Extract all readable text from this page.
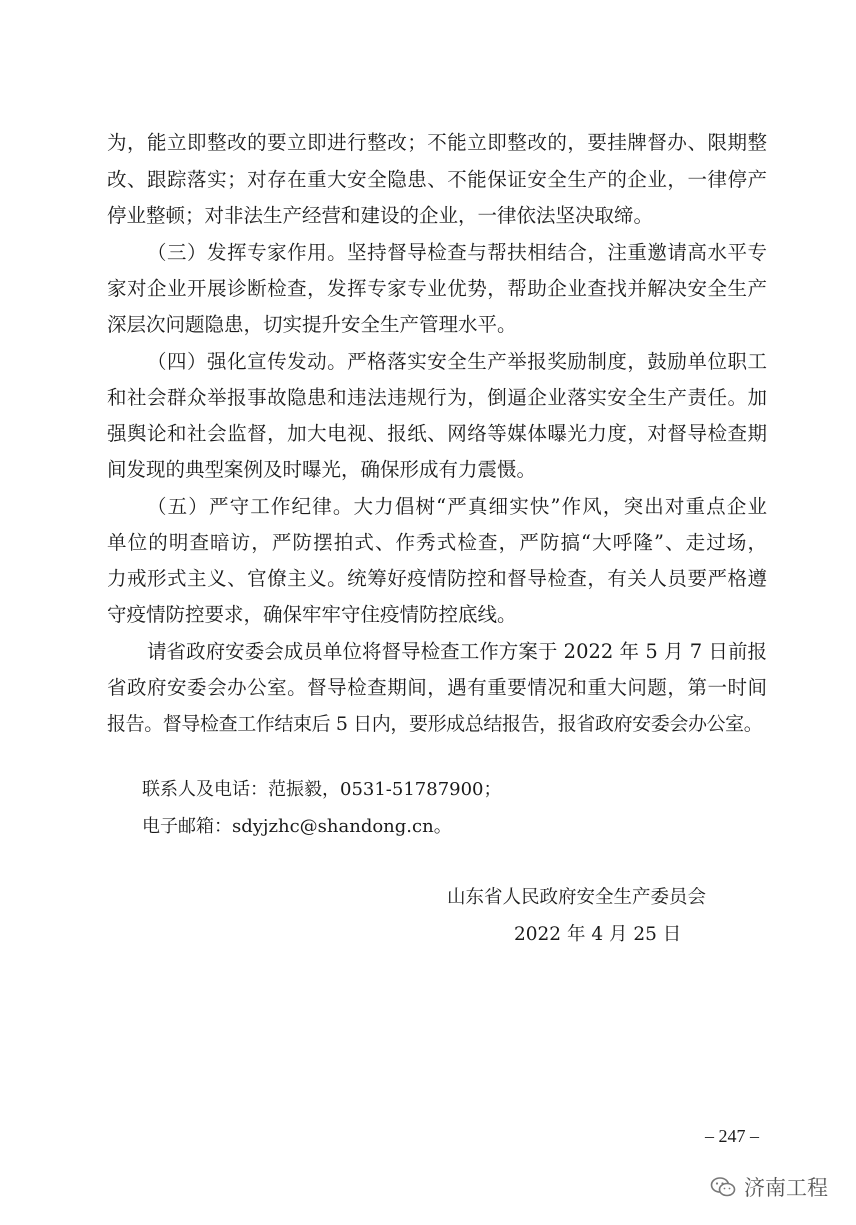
为，能立即整改的要立即进行整改；不能立即整改的，要挂牌督办、限期整
改、跟踪落实；对存在重大安全隐患、不能保证安全生产的企业，一律停产
停业整顿；对非法生产经营和建设的企业，一律依法坚决取缔。
（三）发挥专家作用。坚持督导检查与帮扶相结合，注重邀请高水平专
家对企业开展诊断检查，发挥专家专业优势，帮助企业查找并解决安全生产
深层次问题隐患，切实提升安全生产管理水平。
（四）强化宣传发动。严格落实安全生产举报奖励制度，鼓励单位职工
和社会群众举报事故隐患和违法违规行为，倒逼企业落实安全生产责任。加
强舆论和社会监督，加大电视、报纸、网络等媒体曝光力度，对督导检查期
间发现的典型案例及时曝光，确保形成有力震慑。
（五）严守工作纪律。大力倡树“严真细实快”作风，突出对重点企业
单位的明查暗访，严防摆拍式、作秀式检查，严防搞“大呼隆”、走过场，
力戒形式主义、官僚主义。统筹好疫情防控和督导检查，有关人员要严格遵
守疫情防控要求，确保牢牢守住疫情防控底线。
请省政府安委会成员单位将督导检查工作方案于 2022 年 5 月 7 日前报
省政府安委会办公室。督导检查期间，遇有重要情况和重大问题，第一时间
报告。督导检查工作结束后 5 日内，要形成总结报告，报省政府安委会办公室。
联系人及电话：范振毅，0531-51787900；
电子邮箱：sdyjzhc@shandong.cn。
山东省人民政府安全生产委员会
2022 年 4 月 25 日
– 247 –
济南工程
